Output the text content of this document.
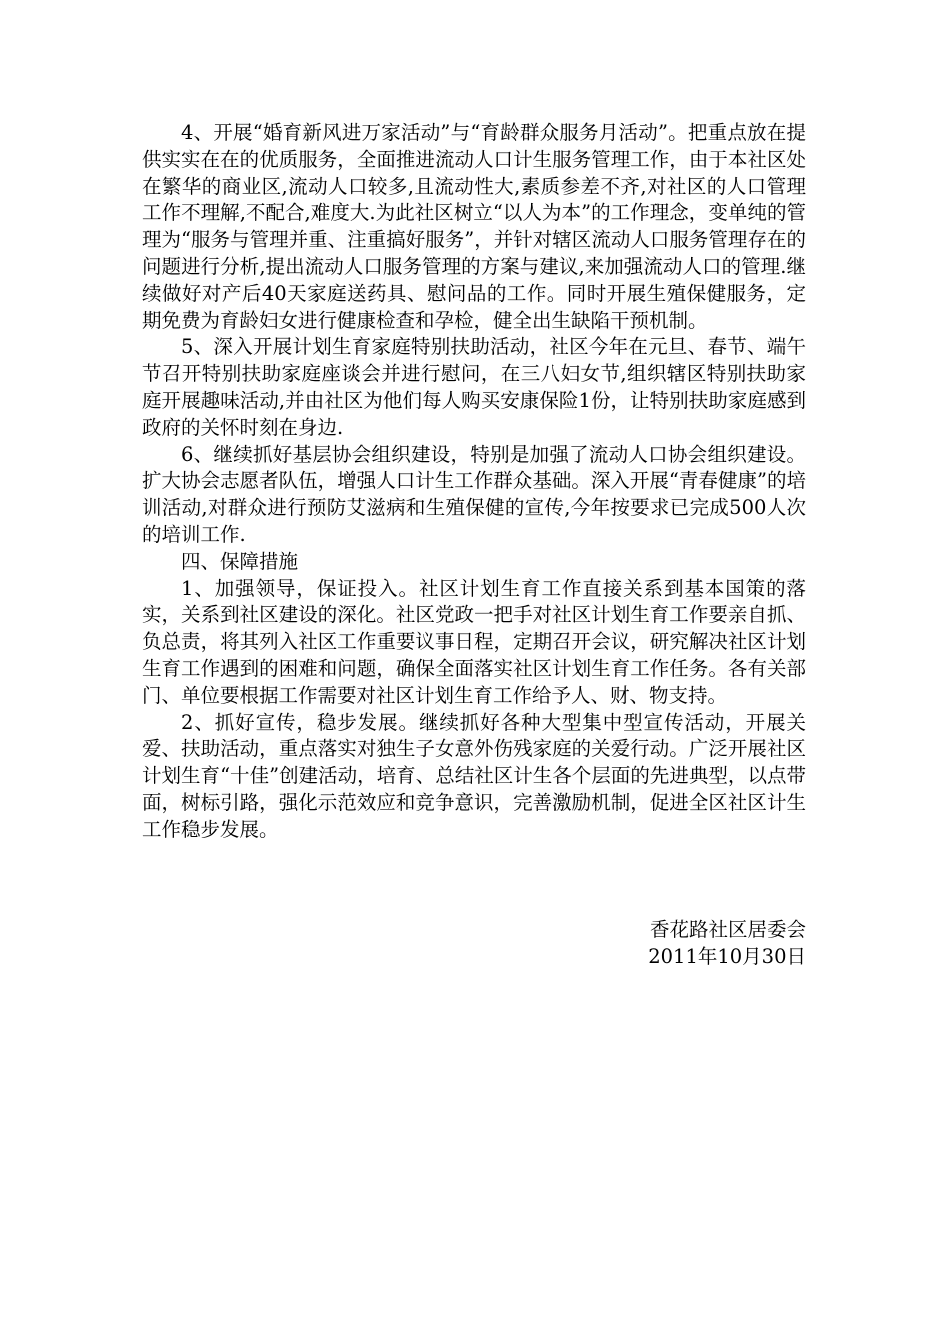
4、开展“婚育新风进万家活动”与“育龄群众服务月活动”。把重点放在提供实实在在的优质服务，全面推进流动人口计生服务管理工作，由于本社区处在繁华的商业区,流动人口较多,且流动性大,素质参差不齐,对社区的人口管理工作不理解,不配合,难度大.为此社区树立“以人为本”的工作理念，变单纯的管理为“服务与管理并重、注重搞好服务”，并针对辖区流动人口服务管理存在的问题进行分析,提出流动人口服务管理的方案与建议,来加强流动人口的管理.继续做好对产后40天家庭送药具、慰问品的工作。同时开展生殖保健服务，定期免费为育龄妇女进行健康检查和孕检，健全出生缺陷干预机制。

5、深入开展计划生育家庭特别扶助活动，社区今年在元旦、春节、端午节召开特别扶助家庭座谈会并进行慰问，在三八妇女节,组织辖区特别扶助家庭开展趣味活动,并由社区为他们每人购买安康保险1份，让特别扶助家庭感到政府的关怀时刻在身边.

6、继续抓好基层协会组织建设，特别是加强了流动人口协会组织建设。扩大协会志愿者队伍，增强人口计生工作群众基础。深入开展“青春健康”的培训活动,对群众进行预防艾滋病和生殖保健的宣传,今年按要求已完成500人次的培训工作.

四、保障措施

1、加强领导，保证投入。社区计划生育工作直接关系到基本国策的落实，关系到社区建设的深化。社区党政一把手对社区计划生育工作要亲自抓、负总责，将其列入社区工作重要议事日程，定期召开会议，研究解决社区计划生育工作遇到的困难和问题，确保全面落实社区计划生育工作任务。各有关部门、单位要根据工作需要对社区计划生育工作给予人、财、物支持。

2、抓好宣传，稳步发展。继续抓好各种大型集中型宣传活动，开展关爱、扶助活动，重点落实对独生子女意外伤残家庭的关爱行动。广泛开展社区计划生育“十佳”创建活动，培育、总结社区计生各个层面的先进典型，以点带面，树标引路，强化示范效应和竞争意识，完善激励机制，促进全区社区计生工作稳步发展。

香花路社区居委会
2011年10月30日
